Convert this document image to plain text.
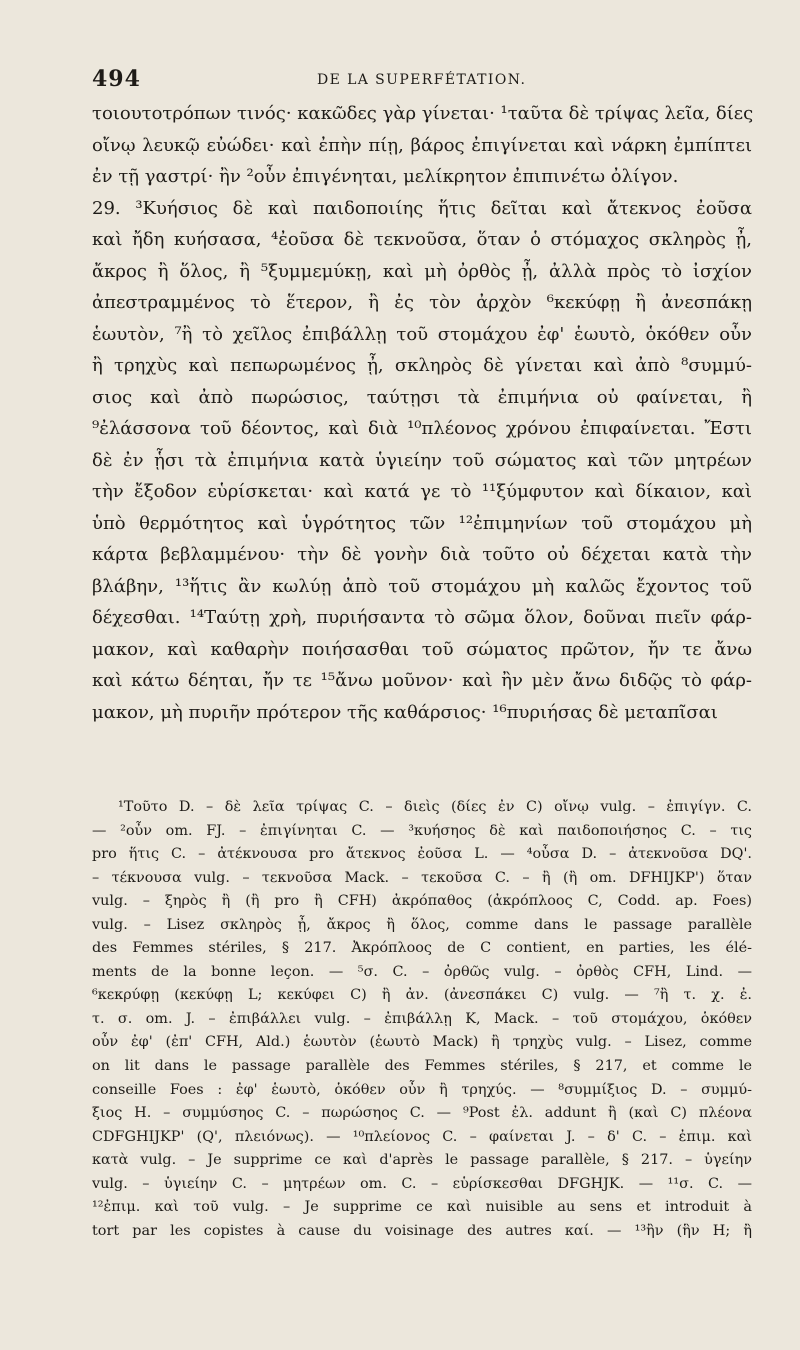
494	DE LA SUPERFÉTATION.
τοιουτοτρόπων τινός· κακῶδες γὰρ γίνεται· ¹ταῦτα δὲ τρίψας λεῖα, δίες
οἴνῳ λευκῷ εὐώδει· καὶ ἐπὴν πίῃ, βάρος ἐπιγίνεται καὶ νάρκη ἐμπίπτει
ἐν τῇ γαστρί· ἢν ²οὖν ἐπιγένηται, μελίκρητον ἐπιπινέτω ὀλίγον.
29. ³Κυήσιος δὲ καὶ παιδοποιίης ἥτις δεῖται καὶ ἄτεκνος ἐοῦσα
καὶ ἤδη κυήσασα, ⁴ἐοῦσα δὲ τεκνοῦσα, ὅταν ὁ στόμαχος σκληρὸς ᾖ,
ἄκρος ἢ ὅλος, ἢ ⁵ξυμμεμύκῃ, καὶ μὴ ὀρθὸς ᾖ, ἀλλὰ πρὸς τὸ ἰσχίον
ἀπεστραμμένος τὸ ἕτερον, ἢ ἐς τὸν ἀρχὸν ⁶κεκύφῃ ἢ ἀνεσπάκῃ
ἑωυτὸν, ⁷ἢ τὸ χεῖλος ἐπιβάλλῃ τοῦ στομάχου ἐφ' ἑωυτὸ, ὁκόθεν οὖν
ἢ τρηχὺς καὶ πεπωρωμένος ᾖ, σκληρὸς δὲ γίνεται καὶ ἀπὸ ⁸συμμύ-
σιος καὶ ἀπὸ πωρώσιος, ταύτῃσι τὰ ἐπιμήνια οὐ φαίνεται, ἢ
⁹ἐλάσσονα τοῦ δέοντος, καὶ διὰ ¹⁰πλέονος χρόνου ἐπιφαίνεται. Ἔστι
δὲ ἐν ᾗσι τὰ ἐπιμήνια κατὰ ὑγιείην τοῦ σώματος καὶ τῶν μητρέων
τὴν ἔξοδον εὑρίσκεται· καὶ κατά γε τὸ ¹¹ξύμφυτον καὶ δίκαιον, καὶ
ὑπὸ θερμότητος καὶ ὑγρότητος τῶν ¹²ἐπιμηνίων τοῦ στομάχου μὴ
κάρτα βεβλαμμένου· τὴν δὲ γονὴν διὰ τοῦτο οὐ δέχεται κατὰ τὴν
βλάβην, ¹³ἥτις ἂν κωλύῃ ἀπὸ τοῦ στομάχου μὴ καλῶς ἔχοντος τοῦ
δέχεσθαι. ¹⁴Ταύτῃ χρὴ, πυριήσαντα τὸ σῶμα ὅλον, δοῦναι πιεῖν φάρ-
μακον, καὶ καθαρὴν ποιήσασθαι τοῦ σώματος πρῶτον, ἤν τε ἄνω
καὶ κάτω δέηται, ἤν τε ¹⁵ἄνω μοῦνον· καὶ ἢν μὲν ἄνω διδῷς τὸ φάρ-
μακον, μὴ πυριῆν πρότερον τῆς καθάρσιος· ¹⁶πυριήσας δὲ μεταπῖσαι
¹Τοῦτο D. – δὲ λεῖα τρίψας C. – διεὶς (δίες ἐν C) οἴνῳ vulg. – ἐπιγίγν. C.
— ²οὖν om. FJ. – ἐπιγίνηται C. — ³κυήσηος δὲ καὶ παιδοποιήσηος C. – τις
pro ἥτις C. – ἀτέκνουσα pro ἄτεκνος ἐοῦσα L. — ⁴οὖσα D. – ἀτεκνοῦσα DQ'.
– τέκνουσα vulg. – τεκνοῦσα Mack. – τεκοῦσα C. – ἢ (ἢ om. DFHIJKP') ὅταν
vulg. – ξηρὸς ἢ (ἢ pro ἢ CFH) ἀκρόπαθος (ἀκρόπλοος C, Codd. ap. Foes)
vulg. – Lisez σκληρὸς ᾖ, ἄκρος ἢ ὅλος, comme dans le passage parallèle
des Femmes stériles, § 217. Ἀκρόπλοος de C contient, en parties, les élé-
ments de la bonne leçon. — ⁵σ. C. – ὀρθῶς vulg. – ὀρθὸς CFH, Lind. —
⁶κεκρύφῃ (κεκύφῃ L; κεκύφει C) ἢ ἀν. (ἀνεσπάκει C) vulg. — ⁷ἢ τ. χ. ἐ.
τ. σ. om. J. – ἐπιβάλλει vulg. – ἐπιβάλλῃ K, Mack. – τοῦ στομάχου, ὁκόθεν
οὖν ἐφ' (ἐπ' CFH, Ald.) ἑωυτὸν (ἑωυτὸ Mack) ἢ τρηχὺς vulg. – Lisez, comme
on lit dans le passage parallèle des Femmes stériles, § 217, et comme le
conseille Foes : ἐφ' ἑωυτὸ, ὁκόθεν οὖν ἢ τρηχύς. — ⁸συμμίξιος D. – συμμύ-
ξιος H. – συμμύσηος C. – πωρώσηος C. — ⁹Post ἐλ. addunt ἢ (καὶ C) πλέονα
CDFGHIJKP' (Q', πλειόνως). — ¹⁰πλείονος C. – φαίνεται J. – δ' C. – ἐπιμ. καὶ
κατὰ vulg. – Je supprime ce καὶ d'après le passage parallèle, § 217. – ὑγείην
vulg. – ὑγιείην C. – μητρέων om. C. – εὑρίσκεσθαι DFGHJK. — ¹¹σ. C. —
¹²ἐπιμ. καὶ τοῦ vulg. – Je supprime ce καὶ nuisible au sens et introduit à
tort par les copistes à cause du voisinage des autres καί. — ¹³ἢν (ἣν H; ἢ
